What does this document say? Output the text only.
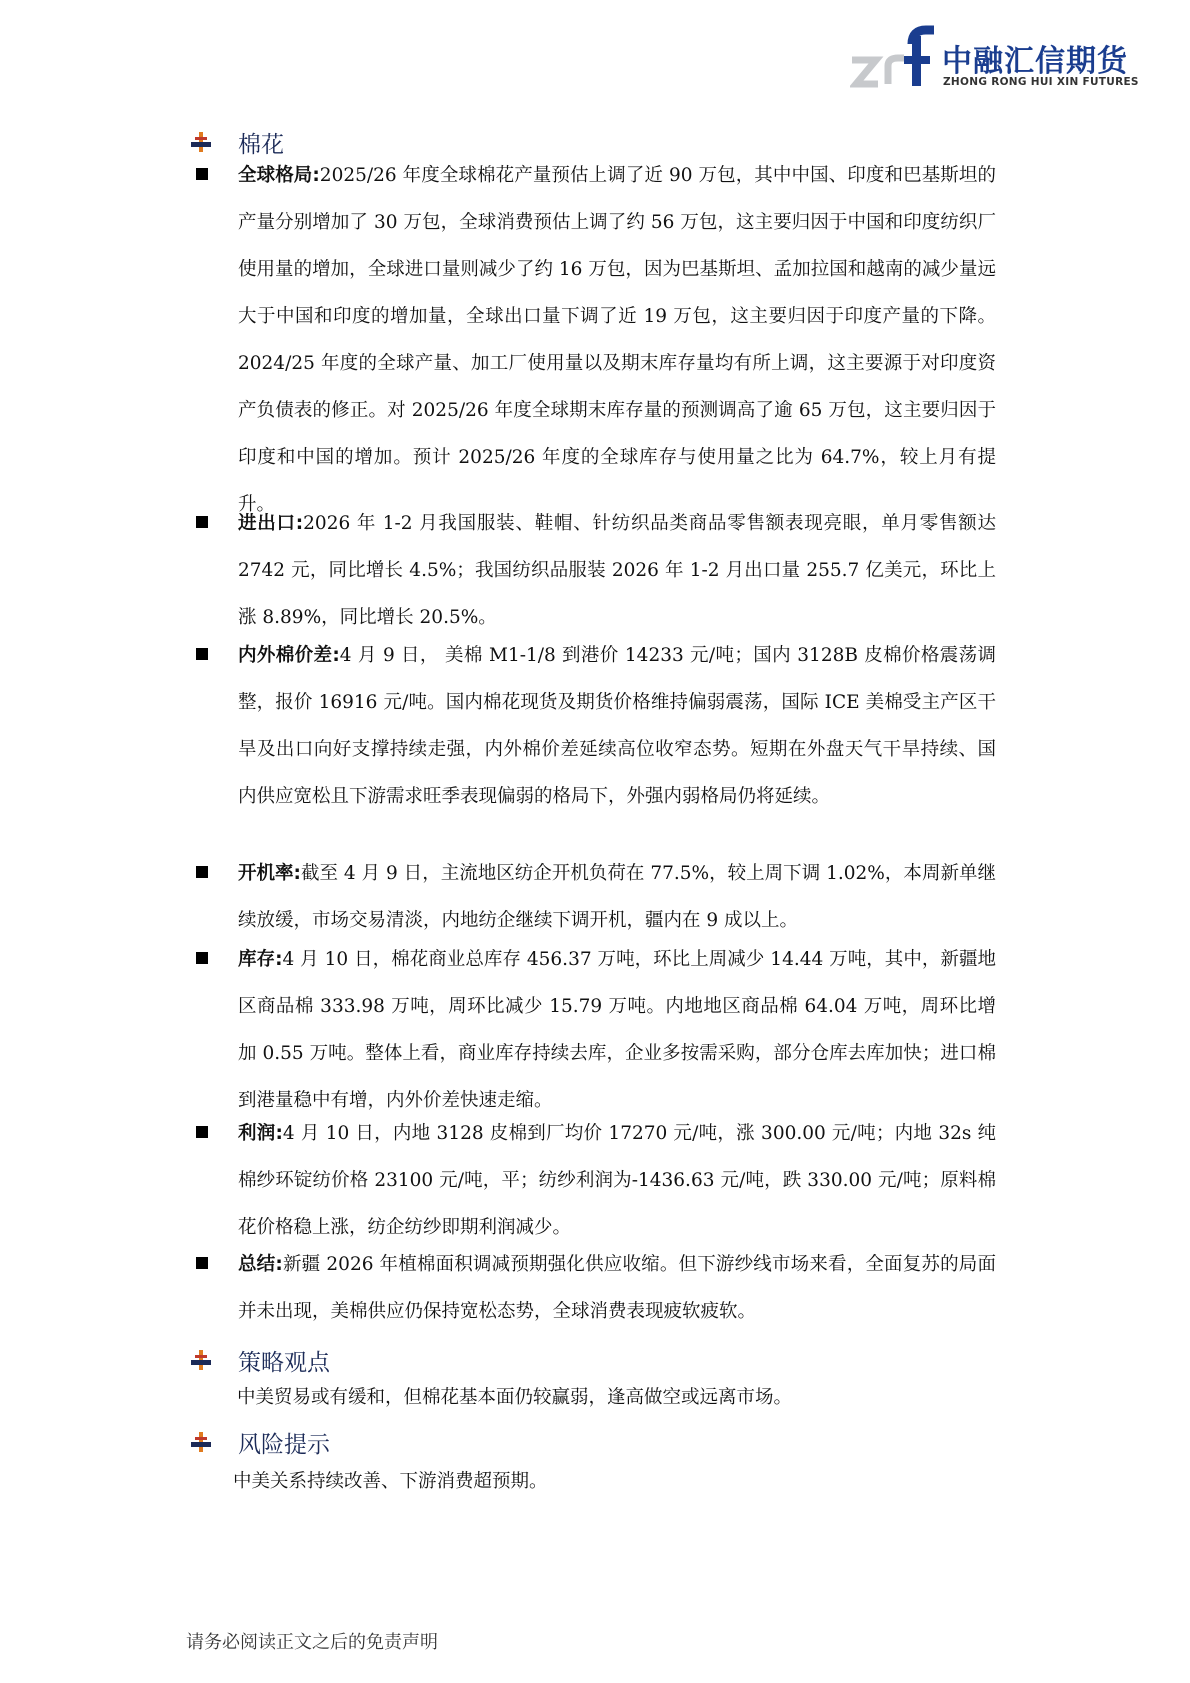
中融汇信期货
ZHONG RONG HUI XIN FUTURES
棉花
全球格局:2025/26 年度全球棉花产量预估上调了近 90 万包，其中中国、印度和巴基斯坦的产量分别增加了 30 万包，全球消费预估上调了约 56 万包，这主要归因于中国和印度纺织厂使用量的增加，全球进口量则减少了约 16 万包，因为巴基斯坦、孟加拉国和越南的减少量远大于中国和印度的增加量，全球出口量下调了近 19 万包，这主要归因于印度产量的下降。2024/25 年度的全球产量、加工厂使用量以及期末库存量均有所上调，这主要源于对印度资产负债表的修正。对 2025/26 年度全球期末库存量的预测调高了逾 65 万包，这主要归因于印度和中国的增加。预计 2025/26 年度的全球库存与使用量之比为 64.7%，较上月有提升。
进出口:2026 年 1-2 月我国服装、鞋帽、针纺织品类商品零售额表现亮眼，单月零售额达 2742 元，同比增长 4.5%；我国纺织品服装 2026 年 1-2 月出口量 255.7 亿美元，环比上涨 8.89%，同比增长 20.5%。
内外棉价差:4 月 9 日， 美棉 M1-1/8 到港价 14233 元/吨；国内 3128B 皮棉价格震荡调整，报价 16916 元/吨。国内棉花现货及期货价格维持偏弱震荡，国际 ICE 美棉受主产区干旱及出口向好支撑持续走强，内外棉价差延续高位收窄态势。短期在外盘天气干旱持续、国内供应宽松且下游需求旺季表现偏弱的格局下，外强内弱格局仍将延续。
开机率:截至 4 月 9 日，主流地区纺企开机负荷在 77.5%，较上周下调 1.02%，本周新单继续放缓，市场交易清淡，内地纺企继续下调开机，疆内在 9 成以上。
库存:4 月 10 日，棉花商业总库存 456.37 万吨，环比上周减少 14.44 万吨，其中，新疆地区商品棉 333.98 万吨，周环比减少 15.79 万吨。内地地区商品棉 64.04 万吨，周环比增加 0.55 万吨。整体上看，商业库存持续去库，企业多按需采购，部分仓库去库加快；进口棉到港量稳中有增，内外价差快速走缩。
利润:4 月 10 日，内地 3128 皮棉到厂均价 17270 元/吨，涨 300.00 元/吨；内地 32s 纯棉纱环锭纺价格 23100 元/吨，平；纺纱利润为-1436.63 元/吨，跌 330.00 元/吨；原料棉花价格稳上涨，纺企纺纱即期利润减少。
总结:新疆 2026 年植棉面积调减预期强化供应收缩。但下游纱线市场来看，全面复苏的局面并未出现，美棉供应仍保持宽松态势，全球消费表现疲软疲软。
策略观点
中美贸易或有缓和，但棉花基本面仍较赢弱，逢高做空或远离市场。
风险提示
中美关系持续改善、下游消费超预期。
请务必阅读正文之后的免责声明
